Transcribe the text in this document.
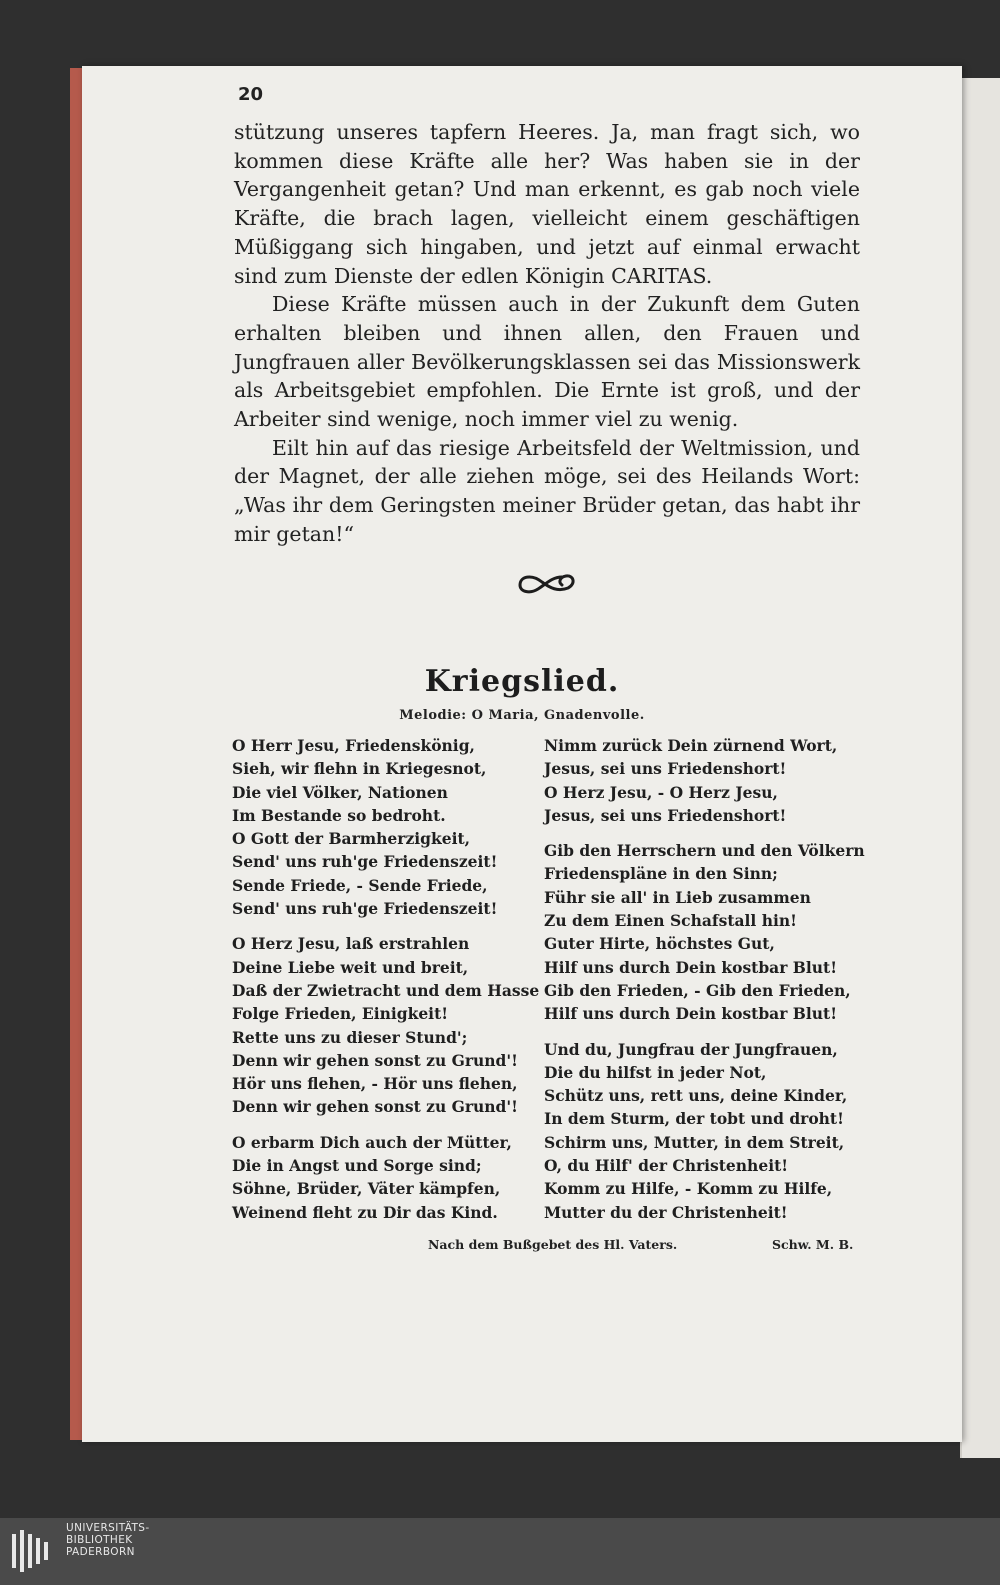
20

stützung unseres tapfern Heeres. Ja, man fragt sich, wo kommen diese Kräfte alle her? Was haben sie in der Vergangenheit getan? Und man erkennt, es gab noch viele Kräfte, die brach lagen, vielleicht einem geschäftigen Müßiggang sich hingaben, und jetzt auf einmal erwacht sind zum Dienste der edlen Königin CARITAS.

Diese Kräfte müssen auch in der Zukunft dem Guten erhalten bleiben und ihnen allen, den Frauen und Jungfrauen aller Bevölkerungsklassen sei das Missionswerk als Arbeitsgebiet empfohlen. Die Ernte ist groß, und der Arbeiter sind wenige, noch immer viel zu wenig.

Eilt hin auf das riesige Arbeitsfeld der Weltmission, und der Magnet, der alle ziehen möge, sei des Heilands Wort: „Was ihr dem Geringsten meiner Brüder getan, das habt ihr mir getan!“

Kriegslied.
Melodie: O Maria, Gnadenvolle.
O Herr Jesu, Friedenskönig,
Sieh, wir flehn in Kriegesnot,
Die viel Völker, Nationen
Im Bestande so bedroht.
O Gott der Barmherzigkeit,
Send' uns ruh'ge Friedenszeit!
Sende Friede, - Sende Friede,
Send' uns ruh'ge Friedenszeit!
O Herz Jesu, laß erstrahlen
Deine Liebe weit und breit,
Daß der Zwietracht und dem Hasse
Folge Frieden, Einigkeit!
Rette uns zu dieser Stund';
Denn wir gehen sonst zu Grund'!
Hör uns flehen, - Hör uns flehen,
Denn wir gehen sonst zu Grund'!
O erbarm Dich auch der Mütter,
Die in Angst und Sorge sind;
Söhne, Brüder, Väter kämpfen,
Weinend fleht zu Dir das Kind.
Nimm zurück Dein zürnend Wort,
Jesus, sei uns Friedenshort!
O Herz Jesu, - O Herz Jesu,
Jesus, sei uns Friedenshort!
Gib den Herrschern und den Völkern
Friedenspläne in den Sinn;
Führ sie all' in Lieb zusammen
Zu dem Einen Schafstall hin!
Guter Hirte, höchstes Gut,
Hilf uns durch Dein kostbar Blut!
Gib den Frieden, - Gib den Frieden,
Hilf uns durch Dein kostbar Blut!
Und du, Jungfrau der Jungfrauen,
Die du hilfst in jeder Not,
Schütz uns, rett uns, deine Kinder,
In dem Sturm, der tobt und droht!
Schirm uns, Mutter, in dem Streit,
O, du Hilf' der Christenheit!
Komm zu Hilfe, - Komm zu Hilfe,
Mutter du der Christenheit!
Nach dem Bußgebet des Hl. Vaters.	Schw. M. B.
UNIVERSITÄTS-
BIBLIOTHEK
PADERBORN
